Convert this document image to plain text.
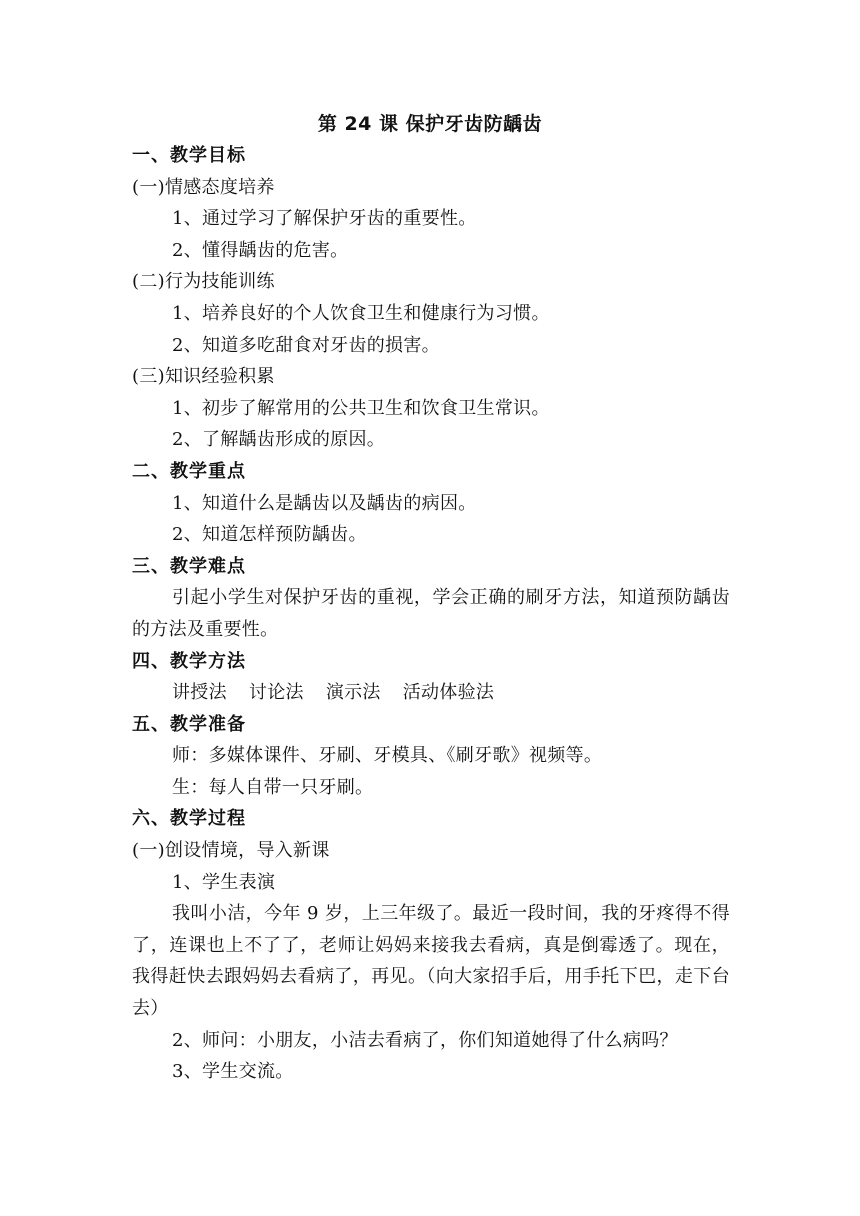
第 24 课 保护牙齿防龋齿
一、教学目标
(一)情感态度培养
1、通过学习了解保护牙齿的重要性。
2、懂得龋齿的危害。
(二)行为技能训练
1、培养良好的个人饮食卫生和健康行为习惯。
2、知道多吃甜食对牙齿的损害。
(三)知识经验积累
1、初步了解常用的公共卫生和饮食卫生常识。
2、了解龋齿形成的原因。
二、教学重点
1、知道什么是龋齿以及龋齿的病因。
2、知道怎样预防龋齿。
三、教学难点

引起小学生对保护牙齿的重视，学会正确的刷牙方法，知道预防龋齿的方法及重要性。

四、教学方法
讲授法 讨论法 演示法 活动体验法
五、教学准备
师：多媒体课件、牙刷、牙模具、《刷牙歌》视频等。
生：每人自带一只牙刷。
六、教学过程
(一)创设情境，导入新课
1、学生表演

我叫小洁，今年 9 岁，上三年级了。最近一段时间，我的牙疼得不得了，连课也上不了了，老师让妈妈来接我去看病，真是倒霉透了。现在，我得赶快去跟妈妈去看病了，再见。（向大家招手后，用手托下巴，走下台去）

2、师问：小朋友，小洁去看病了，你们知道她得了什么病吗？
3、学生交流。
